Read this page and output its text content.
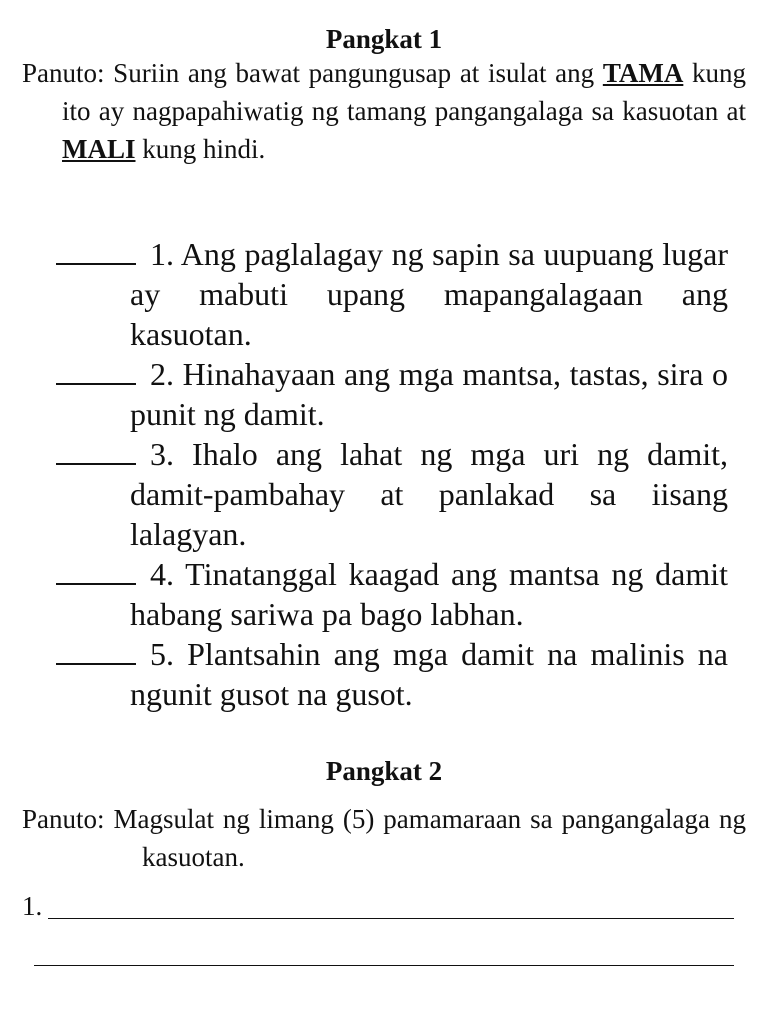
Pangkat 1
Panuto: Suriin ang bawat pangungusap at isulat ang TAMA kung ito ay nagpapahiwatig ng tamang pangangalaga sa kasuotan at MALI kung hindi.

1. Ang paglalagay ng sapin sa uupuang lugar ay mabuti upang mapangalagaan ang kasuotan.

2. Hinahayaan ang mga mantsa, tastas, sira o punit ng damit.

3. Ihalo ang lahat ng mga uri ng damit, damit-pambahay at panlakad sa iisang lalagyan.

4. Tinatanggal kaagad ang mantsa ng damit habang sariwa pa bago labhan.

5. Plantsahin ang mga damit na malinis na ngunit gusot na gusot.

Pangkat 2
Panuto: Magsulat ng limang (5) pamamaraan sa pangangalaga ng kasuotan.
1.
